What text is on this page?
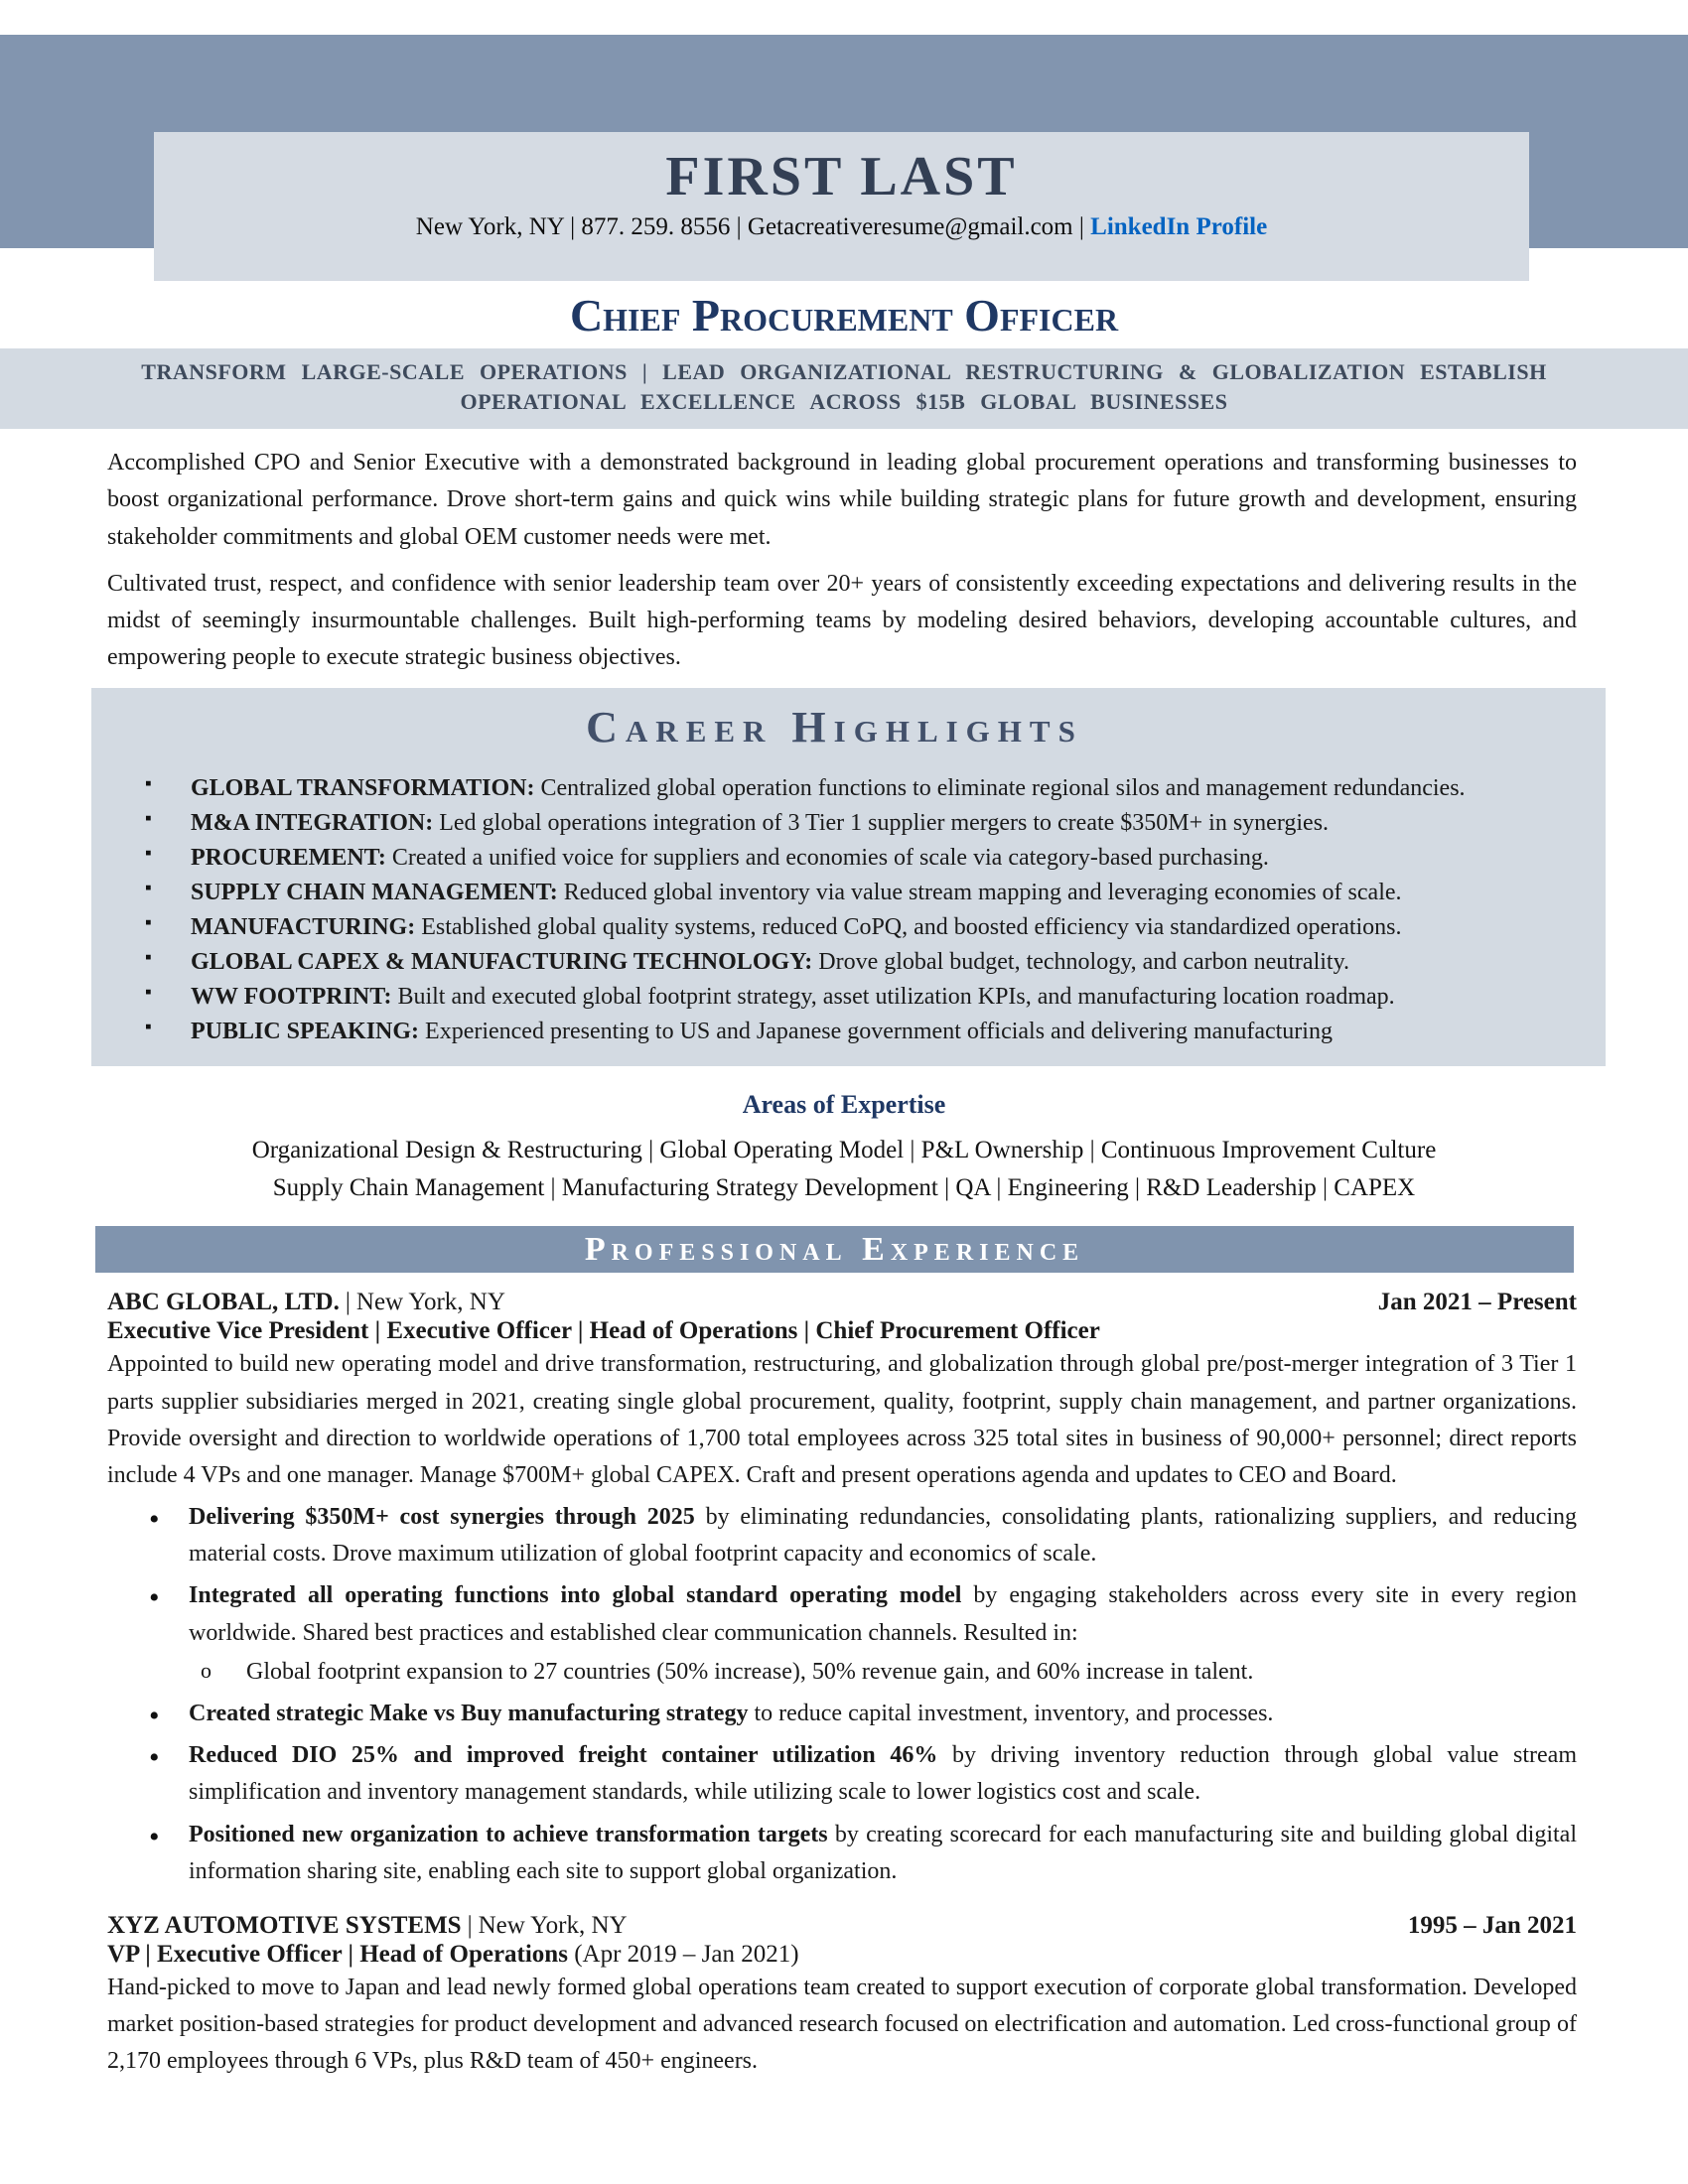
FIRST LAST
New York, NY | 877. 259. 8556 | Getacreativeresume@gmail.com | LinkedIn Profile
Chief Procurement Officer
TRANSFORM LARGE-SCALE OPERATIONS | LEAD ORGANIZATIONAL RESTRUCTURING & GLOBALIZATION ESTABLISH
OPERATIONAL EXCELLENCE ACROSS $15B GLOBAL BUSINESSES

Accomplished CPO and Senior Executive with a demonstrated background in leading global procurement operations and transforming businesses to boost organizational performance. Drove short-term gains and quick wins while building strategic plans for future growth and development, ensuring stakeholder commitments and global OEM customer needs were met.

Cultivated trust, respect, and confidence with senior leadership team over 20+ years of consistently exceeding expectations and delivering results in the midst of seemingly insurmountable challenges. Built high-performing teams by modeling desired behaviors, developing accountable cultures, and empowering people to execute strategic business objectives.

Career Highlights
▪ GLOBAL TRANSFORMATION: Centralized global operation functions to eliminate regional silos and management redundancies.
▪ M&A INTEGRATION: Led global operations integration of 3 Tier 1 supplier mergers to create $350M+ in synergies.
▪ PROCUREMENT: Created a unified voice for suppliers and economies of scale via category-based purchasing.
▪ SUPPLY CHAIN MANAGEMENT: Reduced global inventory via value stream mapping and leveraging economies of scale.
▪ MANUFACTURING: Established global quality systems, reduced CoPQ, and boosted efficiency via standardized operations.
▪ GLOBAL CAPEX & MANUFACTURING TECHNOLOGY: Drove global budget, technology, and carbon neutrality.
▪ WW FOOTPRINT: Built and executed global footprint strategy, asset utilization KPIs, and manufacturing location roadmap.
▪ PUBLIC SPEAKING: Experienced presenting to US and Japanese government officials and delivering manufacturing
Areas of Expertise
Organizational Design & Restructuring | Global Operating Model | P&L Ownership | Continuous Improvement Culture
Supply Chain Management | Manufacturing Strategy Development | QA | Engineering | R&D Leadership | CAPEX
Professional Experience
ABC GLOBAL, LTD. | New York, NY	Jan 2021 – Present
Executive Vice President | Executive Officer | Head of Operations | Chief Procurement Officer
Appointed to build new operating model and drive transformation, restructuring, and globalization through global pre/post-merger integration of 3 Tier 1 parts supplier subsidiaries merged in 2021, creating single global procurement, quality, footprint, supply chain management, and partner organizations. Provide oversight and direction to worldwide operations of 1,700 total employees across 325 total sites in business of 90,000+ personnel; direct reports include 4 VPs and one manager. Manage $700M+ global CAPEX. Craft and present operations agenda and updates to CEO and Board.
• Delivering $350M+ cost synergies through 2025 by eliminating redundancies, consolidating plants, rationalizing suppliers, and reducing material costs. Drove maximum utilization of global footprint capacity and economics of scale.
• Integrated all operating functions into global standard operating model by engaging stakeholders across every site in every region worldwide. Shared best practices and established clear communication channels. Resulted in:
o Global footprint expansion to 27 countries (50% increase), 50% revenue gain, and 60% increase in talent.
• Created strategic Make vs Buy manufacturing strategy to reduce capital investment, inventory, and processes.
• Reduced DIO 25% and improved freight container utilization 46% by driving inventory reduction through global value stream simplification and inventory management standards, while utilizing scale to lower logistics cost and scale.
• Positioned new organization to achieve transformation targets by creating scorecard for each manufacturing site and building global digital information sharing site, enabling each site to support global organization.
XYZ AUTOMOTIVE SYSTEMS | New York, NY	1995 – Jan 2021
VP | Executive Officer | Head of Operations (Apr 2019 – Jan 2021)
Hand-picked to move to Japan and lead newly formed global operations team created to support execution of corporate global transformation. Developed market position-based strategies for product development and advanced research focused on electrification and automation. Led cross-functional group of 2,170 employees through 6 VPs, plus R&D team of 450+ engineers.
